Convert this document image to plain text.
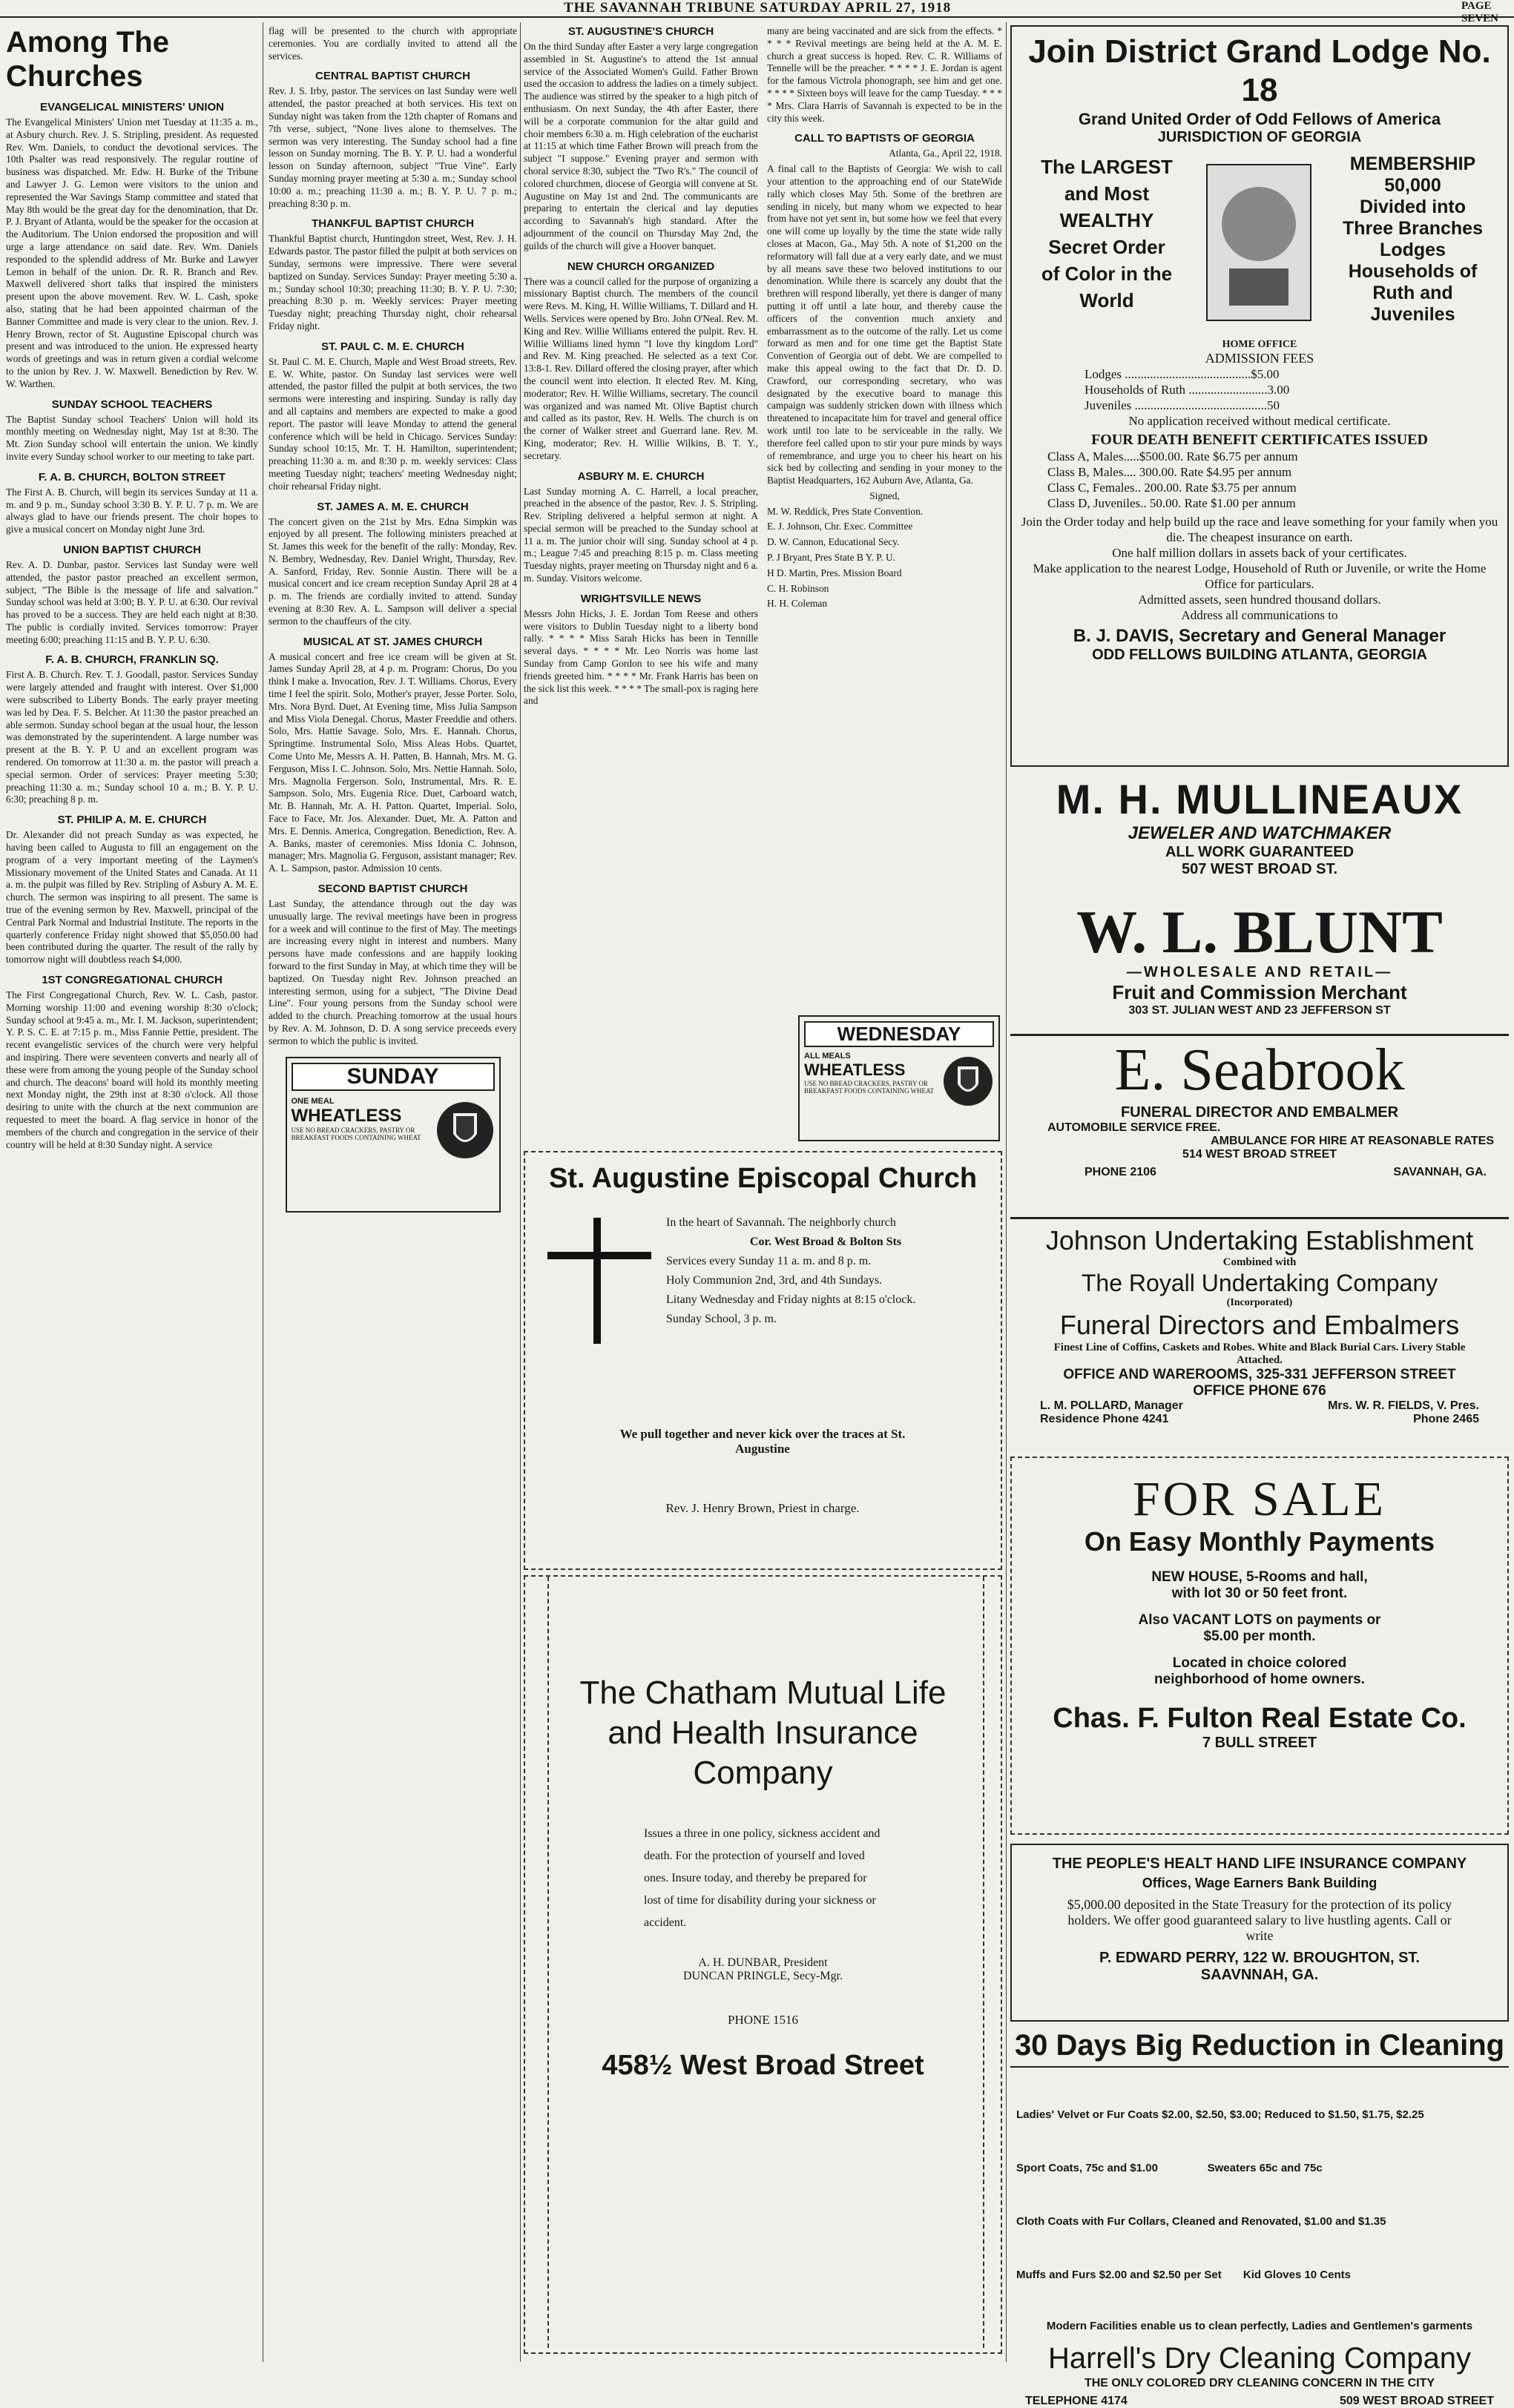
THE SAVANNAH TRIBUNE SATURDAY APRIL 27, 1918	PAGE SEVEN
Among The Churches
EVANGELICAL MINISTERS' UNION

The Evangelical Ministers' Union met Tuesday at 11:35 a. m., at Asbury church. Rev. J. S. Stripling, president. As requested Rev. Wm. Daniels, to conduct the devotional services. The 10th Psalter was read responsively. The regular routine of business was dispatched. Mr. Edw. H. Burke of the Tribune and Lawyer J. G. Lemon were visitors to the union and represented the War Savings Stamp committee and stated that May 8th would be the great day for the denomination, that Dr. P. J. Bryant of Atlanta, would be the speaker for the occasion at the Auditorium. The Union endorsed the proposition and will urge a large attendance on said date. Rev. Wm. Daniels responded to the splendid address of Mr. Burke and Lawyer Lemon in behalf of the union. Dr. R. R. Branch and Rev. Maxwell delivered short talks that inspired the ministers present upon the above movement. Rev. W. L. Cash, spoke also, stating that he had been appointed chairman of the Banner Committee and made is very clear to the union. Rev. J. Henry Brown, rector of St. Augustine Episcopal church was present and was introduced to the union. He expressed hearty words of greetings and was in return given a cordial welcome to the union by Rev. J. W. Maxwell. Benediction by Rev. W. W. Warthen.

SUNDAY SCHOOL TEACHERS

The Baptist Sunday school Teachers' Union will hold its monthly meeting on Wednesday night, May 1st at 8:30. The Mt. Zion Sunday school will entertain the union. We kindly invite every Sunday school worker to our meeting to take part.

F. A. B. CHURCH, BOLTON STREET

The First A. B. Church, will begin its services Sunday at 11 a. m. and 9 p. m., Sunday school 3:30 B. Y. P. U. 7 p. m. We are always glad to have our friends present. The choir hopes to give a musical concert on Monday night June 3rd.

UNION BAPTIST CHURCH

Rev. A. D. Dunbar, pastor. Services last Sunday were well attended, the pastor pastor preached an excellent sermon, subject, "The Bible is the message of life and salvation." Sunday school was held at 3:00; B. Y. P. U. at 6:30. Our revival has proved to be a success. They are held each night at 8:30. The public is cordially invited. Services tomorrow: Prayer meeting 6:00; preaching 11:15 and B. Y. P. U. 6:30.

F. A. B. CHURCH, FRANKLIN SQ.

First A. B. Church. Rev. T. J. Goodall, pastor. Services Sunday were largely attended and fraught with interest. Over $1,000 were subscribed to Liberty Bonds. The early prayer meeting was led by Dea. F. S. Belcher. At 11:30 the pastor preached an able sermon. Sunday school began at the usual hour, the lesson was demonstrated by the superintendent. A large number was present at the B. Y. P. U and an excellent program was rendered. On tomorrow at 11:30 a. m. the pastor will preach a special sermon. Order of services: Prayer meeting 5:30; preaching 11:30 a. m.; Sunday school 10 a. m.; B. Y. P. U. 6:30; preaching 8 p. m.

ST. PHILIP A. M. E. CHURCH

Dr. Alexander did not preach Sunday as was expected, he having been called to Augusta to fill an engagement on the program of a very important meeting of the Laymen's Missionary movement of the United States and Canada. At 11 a. m. the pulpit was filled by Rev. Stripling of Asbury A. M. E. church. The sermon was inspiring to all present. The same is true of the evening sermon by Rev. Maxwell, principal of the Central Park Normal and Industrial Institute. The reports in the quarterly conference Friday night showed that $5,050.00 had been contributed during the quarter. The result of the rally by tomorrow night will doubtless reach $4,000.

1ST CONGREGATIONAL CHURCH

The First Congregational Church, Rev. W. L. Cash, pastor. Morning worship 11:00 and evening worship 8:30 o'clock; Sunday school at 9:45 a. m., Mr. I. M. Jackson, superintendent; Y. P. S. C. E. at 7:15 p. m., Miss Fannie Pettie, president. The recent evangelistic services of the church were very helpful and inspiring. There were seventeen converts and nearly all of these were from among the young people of the Sunday school and church. The deacons' board will hold its monthly meeting next Monday night, the 29th inst at 8:30 o'clock. All those desiring to unite with the church at the next communion are requested to meet the board. A flag service in honor of the members of the church and congregation in the service of their country will be held at 8:30 Sunday night. A service

flag will be presented to the church with appropriate ceremonies. You are cordially invited to attend all the services.

CENTRAL BAPTIST CHURCH

Rev. J. S. Irby, pastor. The services on last Sunday were well attended, the pastor preached at both services. His text on Sunday night was taken from the 12th chapter of Romans and 7th verse, subject, "None lives alone to themselves. The sermon was very interesting. The Sunday school had a fine lesson on Sunday morning. The B. Y. P. U. had a wonderful lesson on Sunday afternoon, subject "True Vine". Early Sunday morning prayer meeting at 5:30 a. m.; Sunday school 10:00 a. m.; preaching 11:30 a. m.; B. Y. P. U. 7 p. m.; preaching 8:30 p. m.

THANKFUL BAPTIST CHURCH

Thankful Baptist church, Huntingdon street, West, Rev. J. H. Edwards pastor. The pastor filled the pulpit at both services on Sunday, sermons were impressive. There were several baptized on Sunday. Services Sunday: Prayer meeting 5:30 a. m.; Sunday school 10:30; preaching 11:30; B. Y. P. U. 7:30; preaching 8:30 p. m. Weekly services: Prayer meeting Tuesday night; preaching Thursday night, choir rehearsal Friday night.

ST. PAUL C. M. E. CHURCH

St. Paul C. M. E. Church, Maple and West Broad streets, Rev. E. W. White, pastor. On Sunday last services were well attended, the pastor filled the pulpit at both services, the two sermons were interesting and inspiring. Sunday is rally day and all captains and members are expected to make a good report. The pastor will leave Monday to attend the general conference which will be held in Chicago. Services Sunday: Sunday school 10:15, Mr. T. H. Hamilton, superintendent; preaching 11:30 a. m. and 8:30 p. m. weekly services: Class meeting Tuesday night; teachers' meeting Wednesday night; choir rehearsal Friday night.

ST. JAMES A. M. E. CHURCH

The concert given on the 21st by Mrs. Edna Simpkin was enjoyed by all present. The following ministers preached at St. James this week for the benefit of the rally: Monday, Rev. N. Bembry, Wednesday, Rev. Daniel Wright, Thursday, Rev. A. Sanford, Friday, Rev. Sonnie Austin. There will be a musical concert and ice cream reception Sunday April 28 at 4 p. m. The friends are cordially invited to attend. Sunday evening at 8:30 Rev. A. L. Sampson will deliver a special sermon to the chauffeurs of the city.

MUSICAL AT ST. JAMES CHURCH

A musical concert and free ice cream will be given at St. James Sunday April 28, at 4 p. m. Program: Chorus, Do you think I make a. Invocation, Rev. J. T. Williams. Chorus, Every time I feel the spirit. Solo, Mother's prayer, Jesse Porter. Solo, Mrs. Nora Byrd. Duet, At Evening time, Miss Julia Sampson and Miss Viola Denegal. Chorus, Master Freeddie and others. Solo, Mrs. Hattie Savage. Solo, Mrs. E. Hannah. Chorus, Springtime. Instrumental Solo, Miss Aleas Hobs. Quartet, Come Unto Me, Messrs A. H. Patten, B. Hannah, Mrs. M. G. Ferguson, Miss I. C. Johnson. Solo, Mrs. Nettie Hannah. Solo, Mrs. Magnolia Fergerson. Solo, Instrumental, Mrs. R. E. Sampson. Solo, Mrs. Eugenia Rice. Duet, Carboard watch, Mr. B. Hannah, Mr. A. H. Patton. Quartet, Imperial. Solo, Face to Face, Mr. Jos. Alexander. Duet, Mr. A. Patton and Mrs. E. Dennis. America, Congregation. Benediction, Rev. A. A. Banks, master of ceremonies. Miss Idonia C. Johnson, manager; Mrs. Magnolia G. Ferguson, assistant manager; Rev. A. L. Sampson, pastor. Admission 10 cents.

SECOND BAPTIST CHURCH

Last Sunday, the attendance through out the day was unusually large. The revival meetings have been in progress for a week and will continue to the first of May. The meetings are increasing every night in interest and numbers. Many persons have made confessions and are happily looking forward to the first Sunday in May, at which time they will be baptized. On Tuesday night Rev. Johnson preached an interesting sermon, using for a subject, "The Divine Dead Line". Four young persons from the Sunday school were added to the church. Preaching tomorrow at the usual hours by Rev. A. M. Johnson, D. D. A song service preceeds every sermon to which the public is invited.

SUNDAY
ONE MEAL
WHEATLESS
USE NO BREAD CRACKERS, PASTRY OR BREAKFAST FOODS CONTAINING WHEAT
ST. AUGUSTINE'S CHURCH

On the third Sunday after Easter a very large congregation assembled in St. Augustine's to attend the 1st annual service of the Associated Women's Guild. Father Brown used the occasion to address the ladies on a timely subject. The audience was stirred by the speaker to a high pitch of enthusiasm. On next Sunday, the 4th after Easter, there will be a corporate communion for the altar guild and choir members 6:30 a. m. High celebration of the eucharist at 11:15 at which time Father Brown will preach from the subject "I suppose." Evening prayer and sermon with choral service 8:30, subject the "Two R's." The council of colored churchmen, diocese of Georgia will convene at St. Augustine on May 1st and 2nd. The communicants are preparing to entertain the clerical and lay deputies according to Savannah's high standard. After the adjournment of the council on Thursday May 2nd, the guilds of the church will give a Hoover banquet.

NEW CHURCH ORGANIZED

There was a council called for the purpose of organizing a missionary Baptist church. The members of the council were Revs. M. King, H. Willie Williams, T. Dillard and H. Wells. Services were opened by Bro. John O'Neal. Rev. M. King and Rev. Willie Williams entered the pulpit. Rev. H. Willie Williams lined hymn "I love thy kingdom Lord" and Rev. M. King preached. He selected as a text Cor. 13:8-1. Rev. Dillard offered the closing prayer, after which the council went into election. It elected Rev. M. King, moderator; Rev. H. Willie Williams, secretary. The council was organized and was named Mt. Olive Baptist church and called as its pastor, Rev. H. Wells. The church is on the corner of Walker street and Guerrard lane. Rev. M. King, moderator; Rev. H. Willie Wilkins, B. T. Y., secretary.

ASBURY M. E. CHURCH

Last Sunday morning A. C. Harrell, a local preacher, preached in the absence of the pastor, Rev. J. S. Stripling. Rev. Stripling delivered a helpful sermon at night. A special sermon will be preached to the Sunday school at 11 a. m. The junior choir will sing. Sunday school at 4 p. m.; League 7:45 and preaching 8:15 p. m. Class meeting Tuesday nights, prayer meeting on Thursday night and 6 a. m. Sunday. Visitors welcome.

WRIGHTSVILLE NEWS

Messrs John Hicks, J. E. Jordan Tom Reese and others were visitors to Dublin Tuesday night to a liberty bond rally. * * * * Miss Sarah Hicks has been in Tennille several days. * * * * Mr. Leo Norris was home last Sunday from Camp Gordon to see his wife and many friends greeted him. * * * * Mr. Frank Harris has been on the sick list this week. * * * * The small-pox is raging here and

many are being vaccinated and are sick from the effects. * * * * Revival meetings are being held at the A. M. E. church a great success is hoped. Rev. C. R. Williams of Tennelle will be the preacher. * * * * J. E. Jordan is agent for the famous Victrola phonograph, see him and get one. * * * * Sixteen boys will leave for the camp Tuesday. * * * * Mrs. Clara Harris of Savannah is expected to be in the city this week.

CALL TO BAPTISTS OF GEORGIA

Atlanta, Ga., April 22, 1918.

A final call to the Baptists of Georgia: We wish to call your attention to the approaching end of our StateWide rally which closes May 5th. Some of the brethren are sending in nicely, but many whom we expected to hear from have not yet sent in, but some how we feel that every one will come up loyally by the time the state wide rally closes at Macon, Ga., May 5th. A note of $1,200 on the reformatory will fall due at a very early date, and we must by all means save these two beloved institutions to our denomination. While there is scarcely any doubt that the brethren will respond liberally, yet there is danger of many putting it off until a late hour, and thereby cause the officers of the convention much anxiety and embarrassment as to the outcome of the rally. Let us come forward as men and for one time get the Baptist State Convention of Georgia out of debt. We are compelled to make this appeal owing to the fact that Dr. D. D. Crawford, our corresponding secretary, who was designated by the executive board to manage this campaign was suddenly stricken down with illness which threatened to incapacitate him for travel and general office work until too late to be serviceable in the rally. We therefore feel called upon to stir your pure minds by ways of remembrance, and urge you to cheer his heart on his sick bed by collecting and sending in your money to the Baptist Headquarters, 162 Auburn Ave, Atlanta, Ga.

Signed,

M. W. Reddick, Pres State Convention.

E. J. Johnson, Chr. Exec. Committee

D. W. Cannon, Educational Secy.

P. J Bryant, Pres State B Y. P. U.

H D. Martin, Pres. Mission Board

C. H. Robinson

H. H. Coleman

WEDNESDAY
ALL MEALS
WHEATLESS
USE NO BREAD CRACKERS, PASTRY OR BREAKFAST FOODS CONTAINING WHEAT
St. Augustine Episcopal Church
In the heart of Savannah. The neighborly church
Cor. West Broad & Bolton Sts
Services every Sunday 11 a. m. and 8 p. m.
Holy Communion 2nd, 3rd, and 4th Sundays.
Litany Wednesday and Friday nights at 8:15 o'clock.
Sunday School, 3 p. m.
We pull together and never kick over the traces at St. Augustine
Rev. J. Henry Brown, Priest in charge.
The Chatham Mutual Life
and Health Insurance
Company

Issues a three in one policy, sickness accident and death. For the protection of yourself and loved ones. Insure today, and thereby be prepared for lost of time for disability during your sickness or accident.

A. H. DUNBAR, President
DUNCAN PRINGLE, Secy-Mgr.
PHONE 1516
458½ West Broad Street
Join District Grand Lodge No. 18
Grand United Order of Odd Fellows of America
JURISDICTION OF GEORGIA
The LARGEST
and Most
WEALTHY
Secret Order
of Color in the
World
MEMBERSHIP
50,000
Divided into
Three Branches
Lodges
Households of
Ruth and
Juveniles
HOME OFFICE
ADMISSION FEES
Lodges ........................................$5.00
Households of Ruth .........................3.00
Juveniles ..........................................50
No application received without medical certificate.
FOUR DEATH BENEFIT CERTIFICATES ISSUED
Class A, Males.....$500.00. Rate $6.75 per annum
Class B, Males.... 300.00. Rate $4.95 per annum
Class C, Females.. 200.00. Rate $3.75 per annum
Class D, Juveniles.. 50.00. Rate $1.00 per annum
Join the Order today and help build up the race and leave something for your family when you die. The cheapest insurance on earth.
One half million dollars in assets back of your certificates.
Make application to the nearest Lodge, Household of Ruth or Juvenile, or write the Home Office for particulars.
Admitted assets, seen hundred thousand dollars.
Address all communications to
B. J. DAVIS, Secretary and General Manager
ODD FELLOWS BUILDING ATLANTA, GEORGIA
M. H. MULLINEAUX
JEWELER AND WATCHMAKER
ALL WORK GUARANTEED
507 WEST BROAD ST.
W. L. BLUNT
—WHOLESALE AND RETAIL—
Fruit and Commission Merchant
303 ST. JULIAN WEST AND 23 JEFFERSON ST
E. Seabrook
FUNERAL DIRECTOR AND EMBALMER
AUTOMOBILE SERVICE FREE.
AMBULANCE FOR HIRE AT REASONABLE RATES
514 WEST BROAD STREET
PHONE 2106	SAVANNAH, GA.
Johnson Undertaking Establishment
Combined with
The Royall Undertaking Company
(Incorporated)
Funeral Directors and Embalmers
Finest Line of Coffins, Caskets and Robes. White and Black Burial Cars. Livery Stable Attached.
OFFICE AND WAREROOMS, 325-331 JEFFERSON STREET
OFFICE PHONE 676
L. M. POLLARD, Manager	Mrs. W. R. FIELDS, V. Pres.
Residence Phone 4241	Phone 2465
FOR SALE
On Easy Monthly Payments
NEW HOUSE, 5-Rooms and hall, with lot 30 or 50 feet front.
Also VACANT LOTS on payments or $5.00 per month.
Located in choice colored neighborhood of home owners.
Chas. F. Fulton Real Estate Co.
7 BULL STREET
THE PEOPLE'S HEALT HAND LIFE INSURANCE COMPANY
Offices, Wage Earners Bank Building
$5,000.00 deposited in the State Treasury for the protection of its policy holders. We offer good guaranteed salary to live hustling agents. Call or write
P. EDWARD PERRY, 122 W. BROUGHTON, ST.
SAAVNNAH, GA.
30 Days Big Reduction in Cleaning

Ladies' Velvet or Fur Coats $2.00, $2.50, $3.00; Reduced to $1.50, $1.75, $2.25

Sport Coats, 75c and $1.00                Sweaters 65c and 75c

Cloth Coats with Fur Collars, Cleaned and Renovated, $1.00 and $1.35

Muffs and Furs $2.00 and $2.50 per Set       Kid Gloves 10 Cents

Modern Facilities enable us to clean perfectly, Ladies and Gentlemen's garments
Harrell's Dry Cleaning Company
THE ONLY COLORED DRY CLEANING CONCERN IN THE CITY
TELEPHONE 4174	509 WEST BROAD STREET
